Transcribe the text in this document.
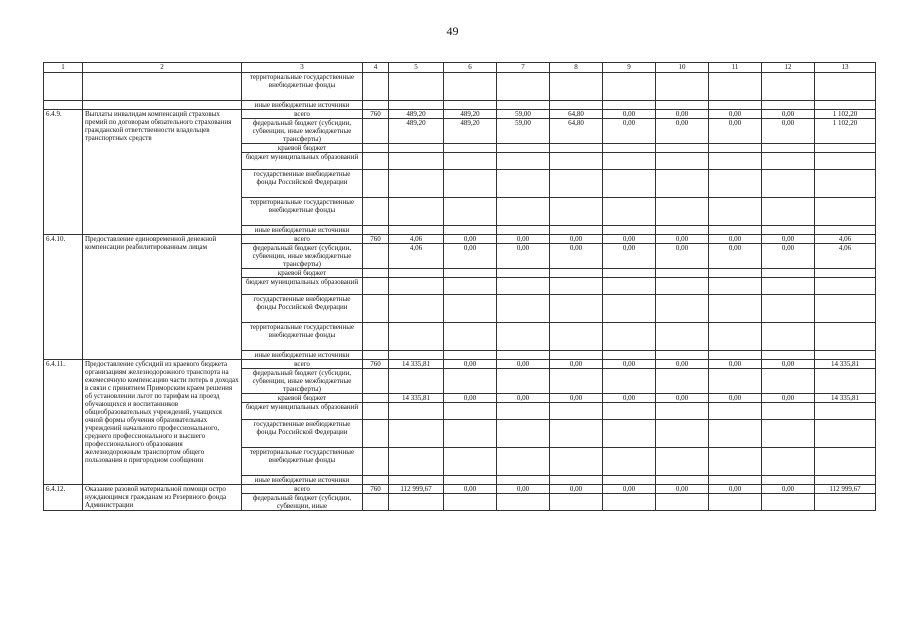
49
1	2	3	4	5	6	7	8	9	10	11	12	13
		территориальные государственные внебюджетные фонды										
		иные внебюджетные источники										
6.4.9.	Выплаты инвалидам компенсаций страховых премий по договорам обязательного страхования гражданской ответственности владельцев транспортных средств	всего	760	489,20	489,20	59,00	64,80	0,00	0,00	0,00	0,00	1 102,20
		федеральный бюджет (субсидии, субвенции, иные межбюджетные трансферты)		489,20	489,20	59,00	64,80	0,00	0,00	0,00	0,00	1 102,20
		краевой бюджет										
		бюджет муниципальных образований										
		государственные внебюджетные фонды Российской Федерации										
		территориальные государственные внебюджетные фонды										
		иные внебюджетные источники										
6.4.10.	Предоставление единовременной денежной компенсации реабилитированным лицам	всего	760	4,06	0,00	0,00	0,00	0,00	0,00	0,00	0,00	4,06
		федеральный бюджет (субсидии, субвенции, иные межбюджетные трансферты)		4,06	0,00	0,00	0,00	0,00	0,00	0,00	0,00	4,06
		краевой бюджет										
		бюджет муниципальных образований										
		государственные внебюджетные фонды Российской Федерации										
		территориальные государственные внебюджетные фонды										
		иные внебюджетные источники										
6.4.11.	Предоставление субсидий из краевого бюджета организациям железнодорожного транспорта на ежемесячную компенсацию части потерь в доходах в связи с принятием Приморским краем решения об установлении льгот по тарифам на проезд обучающихся и воспитанников общеобразовательных учреждений, учащихся очной формы обучения образовательных учреждений начального профессионального, среднего профессионального и высшего профессионального образования железнодорожным транспортом общего пользования в пригородном сообщении	всего	760	14 335,81	0,00	0,00	0,00	0,00	0,00	0,00	0,00	14 335,81
		федеральный бюджет (субсидии, субвенции, иные межбюджетные трансферты)										
		краевой бюджет		14 335,81	0,00	0,00	0,00	0,00	0,00	0,00	0,00	14 335,81
		бюджет муниципальных образований										
		государственные внебюджетные фонды Российской Федерации										
		территориальные государственные внебюджетные фонды										
		иные внебюджетные источники										
6.4.12.	Оказание разовой материальной помощи остро нуждающимся гражданам из Резервного фонда Администрации	всего	760	112 999,67	0,00	0,00	0,00	0,00	0,00	0,00	0,00	112 999,67
		федеральный бюджет (субсидии, субвенции, иные										
